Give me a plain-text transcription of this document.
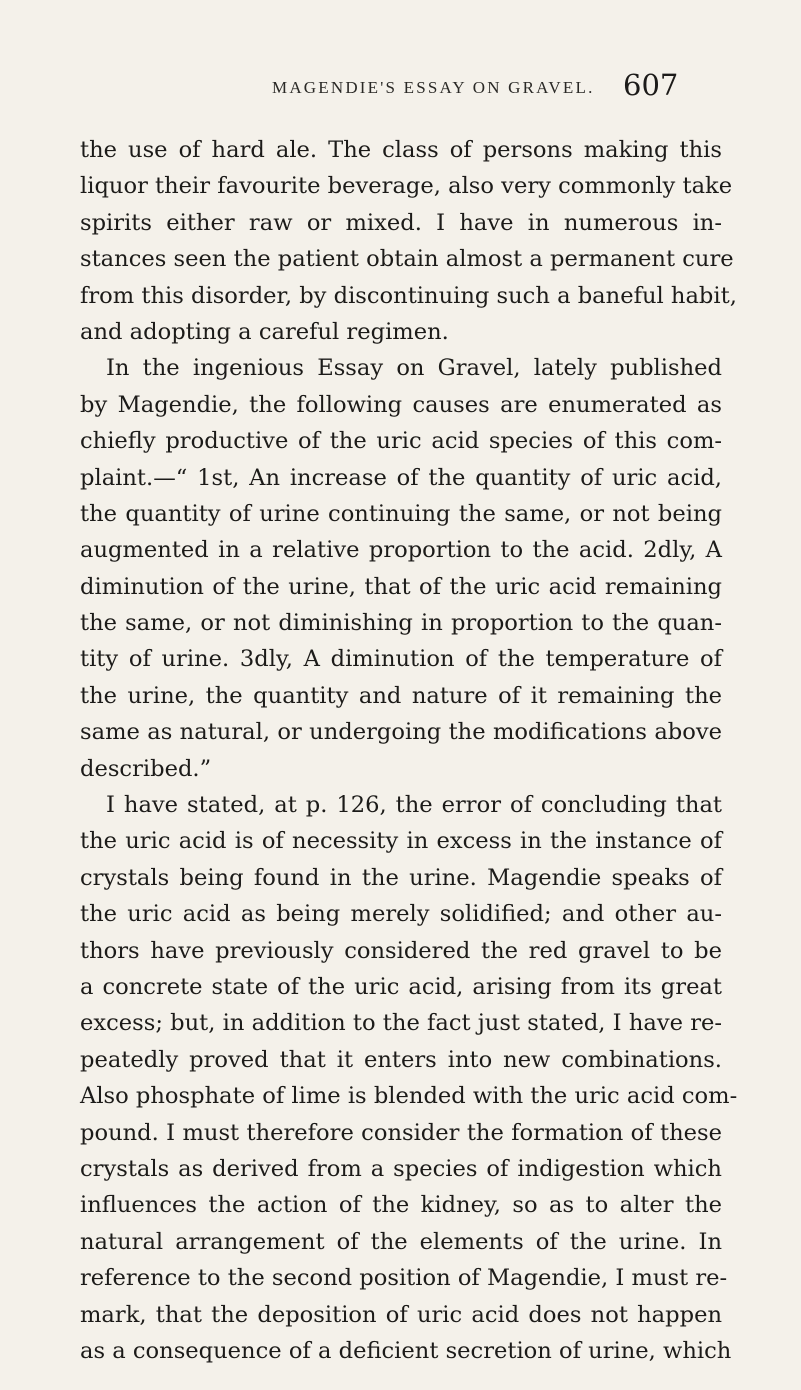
MAGENDIE'S ESSAY ON GRAVEL. 607
the use of hard ale. The class of persons making this
liquor their favourite beverage, also very commonly take
spirits either raw or mixed. I have in numerous in-
stances seen the patient obtain almost a permanent cure
from this disorder, by discontinuing such a baneful habit,
and adopting a careful regimen.
In the ingenious Essay on Gravel, lately published
by Magendie, the following causes are enumerated as
chiefly productive of the uric acid species of this com-
plaint.—“ 1st, An increase of the quantity of uric acid,
the quantity of urine continuing the same, or not being
augmented in a relative proportion to the acid. 2dly, A
diminution of the urine, that of the uric acid remaining
the same, or not diminishing in proportion to the quan-
tity of urine. 3dly, A diminution of the temperature of
the urine, the quantity and nature of it remaining the
same as natural, or undergoing the modifications above
described.”
I have stated, at p. 126, the error of concluding that
the uric acid is of necessity in excess in the instance of
crystals being found in the urine. Magendie speaks of
the uric acid as being merely solidified; and other au-
thors have previously considered the red gravel to be
a concrete state of the uric acid, arising from its great
excess; but, in addition to the fact just stated, I have re-
peatedly proved that it enters into new combinations.
Also phosphate of lime is blended with the uric acid com-
pound. I must therefore consider the formation of these
crystals as derived from a species of indigestion which
influences the action of the kidney, so as to alter the
natural arrangement of the elements of the urine. In
reference to the second position of Magendie, I must re-
mark, that the deposition of uric acid does not happen
as a consequence of a deficient secretion of urine, which
